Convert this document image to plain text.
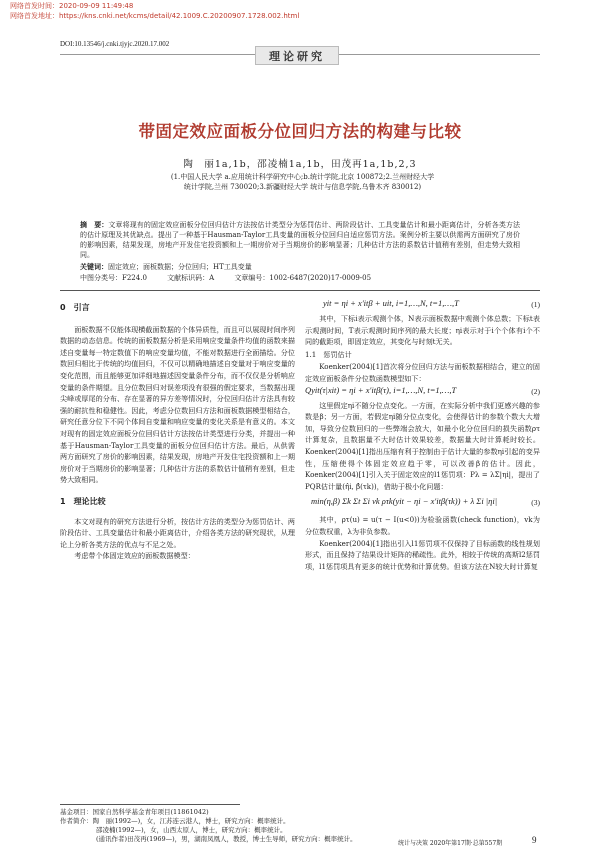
网络首发时间：2020-09-09 11:49:48
网络首发地址：https://kns.cnki.net/kcms/detail/42.1009.C.20200907.1728.002.html
DOI:10.13546/j.cnki.tjyjc.2020.17.002
理论研究
带固定效应面板分位回归方法的构建与比较
陶　丽1a,1b，邵凌楠1a,1b，田茂再1a,1b,2,3
(1.中国人民大学 a.应用统计科学研究中心;b.统计学院,北京 100872;2.兰州财经大学
统计学院,兰州 730020;3.新疆财经大学 统计与信息学院,乌鲁木齐 830012)
摘　要：文章将现有的固定效应面板分位回归估计方法按估计类型分为惩罚估计、两阶段估计、工具变量估计和最小距离估计，分析各类方法的估计原理及其优缺点。提出了一种基于Hausman-Taylor工具变量的面板分位回归自适应惩罚方法。案例分析主要以供需两方面研究了房价的影响因素，结果发现，房地产开发住宅投资额和上一期房价对于当期房价的影响显著；几种估计方法的系数估计值稍有差别，但走势大致相同。
关键词：固定效应；面板数据；分位回归；HT工具变量
中图分类号：F224.0	文献标识码：A	文章编号：1002-6487(2020)17-0009-05
0　引言

面板数据不仅能体现横截面数据的个体异质性，而且可以展现时间序列数据的动态信息。传统的面板数据分析是采用响应变量条件均值的函数来描述自变量每一特定数值下的响应变量均值，不能对数据进行全面描绘。分位数回归相比于传统的均值回归，不仅可以精确地描述自变量对于响应变量的变化范围，而且能够更加详细地描述因变量条件分布，而不仅仅是分析响应变量的条件期望。且分位数回归对误差项没有很强的假定要求，当数据出现尖峰或厚尾的分布、存在显著的异方差等情况时，分位回归估计方法具有较强的耐抗性和稳健性。因此，考虑分位数回归方法和面板数据模型相结合，研究任意分位下不同个体间自变量和响应变量的变化关系是有意义的。本文对现有的固定效应面板分位回归估计方法按估计类型进行分类，并提出一种基于Hausman-Taylor工具变量的面板分位回归估计方法。最后，从供需两方面研究了房价的影响因素，结果发现，房地产开发住宅投资额和上一期房价对于当期房价的影响显著；几种估计方法的系数估计值稍有差别，但走势大致相同。

1　理论比较

本文对现有的研究方法进行分析，按估计方法的类型分为惩罚估计、两阶段估计、工具变量估计和最小距离估计，介绍各类方法的研究现状，从理论上分析各类方法的优点与不足之处。

考虑带个体固定效应的面板数据模型：

yit = ηi + x′itβ + uit, i=1,…,N, t=1,…,T	(1)

其中，下标i表示观测个体，N表示面板数据中观测个体总数；下标t表示观测时间，T表示观测时间序列的最大长度；ηi表示对于i个个体有i个不同的截距项，即固定效应，其变化与时刻t无关。

1.1　惩罚估计

Koenker(2004)[1]首次将分位回归方法与面板数据相结合，建立的固定效应面板条件分位数函数模型如下：

Qyit(τ|xit) = ηi + x′itβ(τ), i=1,…,N, t=1,…,T	(2)

这里假定ηi不随分位点变化。一方面，在实际分析中我们更感兴趣的参数是β；另一方面，若假定ηi随分位点变化，会使得估计的参数个数大大增加，导致分位数回归的一些弊端会放大，如最小化分位回归的损失函数ρτ计算复杂，且数据量不大时估计效果较差，数据量大时计算耗时较长。Koenker(2004)[1]指出压缩有利于控制由于估计大量的参数ηi引起的变异性，压缩使得个体固定效应趋于零，可以改善β的估计。因此，Koenker(2004)[1]引入关于固定效应的l1惩罚项：Pλ = λΣ|ηi|，提出了PQR估计量(η̂i, β̂(τk))，借助于极小化问题：

min(η,β) Σk Σt Σi vk ρτk(yit − ηi − x′itβ(τk)) + λ Σi |ηi|	(3)

其中，ρτ(u) = u(τ − I(u<0))为检验函数(check function)，vk为分位数权重，λ为非负参数。

Koenker(2004)[1]指出引入l1惩罚项不仅保持了目标函数的线性规划形式，而且保持了结果设计矩阵的稀疏性。此外，相较于传统的高斯l2惩罚项，l1惩罚项具有更多的统计优势和计算优势。但该方法在N较大时计算复

基金项目：国家自然科学基金青年项目(11861042)
作者简介：陶　丽(1992—)，女，江苏连云港人，博士，研究方向：概率统计。
邵凌楠(1992—)，女，山西太原人，博士，研究方向：概率统计。
(通讯作者)田茂再(1969—)，男，湖南凤凰人，教授，博士生导师，研究方向：概率统计。
统计与决策 2020年第17期·总第557期	9
